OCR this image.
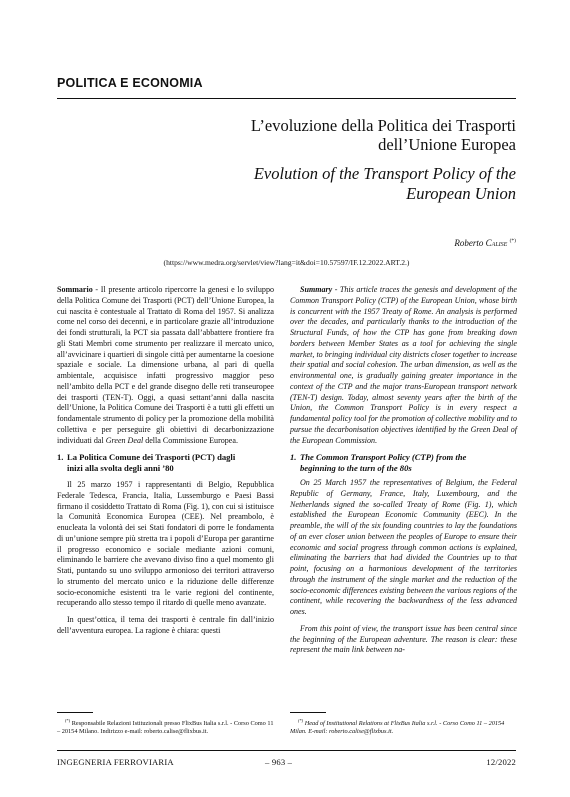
POLITICA E ECONOMIA
L’evoluzione della Politica dei Trasporti dell’Unione Europea
Evolution of the Transport Policy of the European Union
Roberto Calise (*)
(https://www.medra.org/servlet/view?lang=it&doi=10.57597/IF.12.2022.ART.2.)

Sommario - Il presente articolo ripercorre la genesi e lo sviluppo della Politica Comune dei Trasporti (PCT) dell’Unione Europea, la cui nascita è contestuale al Trattato di Roma del 1957. Si analizza come nel corso dei decenni, e in particolare grazie all’introduzione dei fondi strutturali, la PCT sia passata dall’abbattere frontiere fra gli Stati Membri come strumento per realizzare il mercato unico, all’avvicinare i quartieri di singole città per aumentarne la coesione spaziale e sociale. La dimensione urbana, al pari di quella ambientale, acquisisce infatti progressivo maggior peso nell’ambito della PCT e del grande disegno delle reti transeuropee dei trasporti (TEN-T). Oggi, a quasi settant’anni dalla nascita dell’Unione, la Politica Comune dei Trasporti è a tutti gli effetti un fondamentale strumento di policy per la promozione della mobilità collettiva e per perseguire gli obiettivi di decarbonizzazione individuati dal Green Deal della Commissione Europea.

Summary - This article traces the genesis and development of the Common Transport Policy (CTP) of the European Union, whose birth is concurrent with the 1957 Treaty of Rome. An analysis is performed over the decades, and particularly thanks to the introduction of the Structural Funds, of how the CTP has gone from breaking down borders between Member States as a tool for achieving the single market, to bringing individual city districts closer together to increase their spatial and social cohesion. The urban dimension, as well as the environmental one, is gradually gaining greater importance in the context of the CTP and the major trans-European transport network (TEN-T) design. Today, almost seventy years after the birth of the Union, the Common Transport Policy is in every respect a fundamental policy tool for the promotion of collective mobility and to pursue the decarbonisation objectives identified by the Green Deal of the European Commission.

1. La Politica Comune dei Trasporti (PCT) dagli
inizi alla svolta degli anni ’80
1. The Common Transport Policy (CTP) from the
beginning to the turn of the 80s

Il 25 marzo 1957 i rappresentanti di Belgio, Repubblica Federale Tedesca, Francia, Italia, Lussemburgo e Paesi Bassi firmano il cosiddetto Trattato di Roma (Fig. 1), con cui si istituisce la Comunità Economica Europea (CEE). Nel preambolo, è enucleata la volontà dei sei Stati fondatori di porre le fondamenta di un’unione sempre più stretta tra i popoli d’Europa per garantirne il progresso economico e sociale mediante azioni comuni, eliminando le barriere che avevano diviso fino a quel momento gli Stati, puntando su uno sviluppo armonioso dei territori attraverso lo strumento del mercato unico e la riduzione delle differenze socio-economiche esistenti tra le varie regioni del continente, recuperando allo stesso tempo il ritardo di quelle meno avanzate.

In quest’ottica, il tema dei trasporti è centrale fin dall’inizio dell’avventura europea. La ragione è chiara: questi

On 25 March 1957 the representatives of Belgium, the Federal Republic of Germany, France, Italy, Luxembourg, and the Netherlands signed the so-called Treaty of Rome (Fig. 1), which established the European Economic Community (EEC). In the preamble, the will of the six founding countries to lay the foundations of an ever closer union between the peoples of Europe to ensure their economic and social progress through common actions is explained, eliminating the barriers that had divided the Countries up to that point, focusing on a harmonious development of the territories through the instrument of the single market and the reduction of the socio-economic differences existing between the various regions of the continent, while recovering the backwardness of the less advanced ones.

From this point of view, the transport issue has been central since the beginning of the European adventure. The reason is clear: these represent the main link between na-

(*) Responsabile Relazioni Istituzionali presso FlixBus Italia s.r.l. - Corso Como 11 – 20154 Milano. Indirizzo e-mail: roberto.calise@flixbus.it.
(*) Head of Institutional Relations at FlixBus Italia s.r.l. - Corso Como 11 – 20154 Milan. E-mail: roberto.calise@flixbus.it.
INGEGNERIA FERROVIARIA	– 963 –	12/2022
